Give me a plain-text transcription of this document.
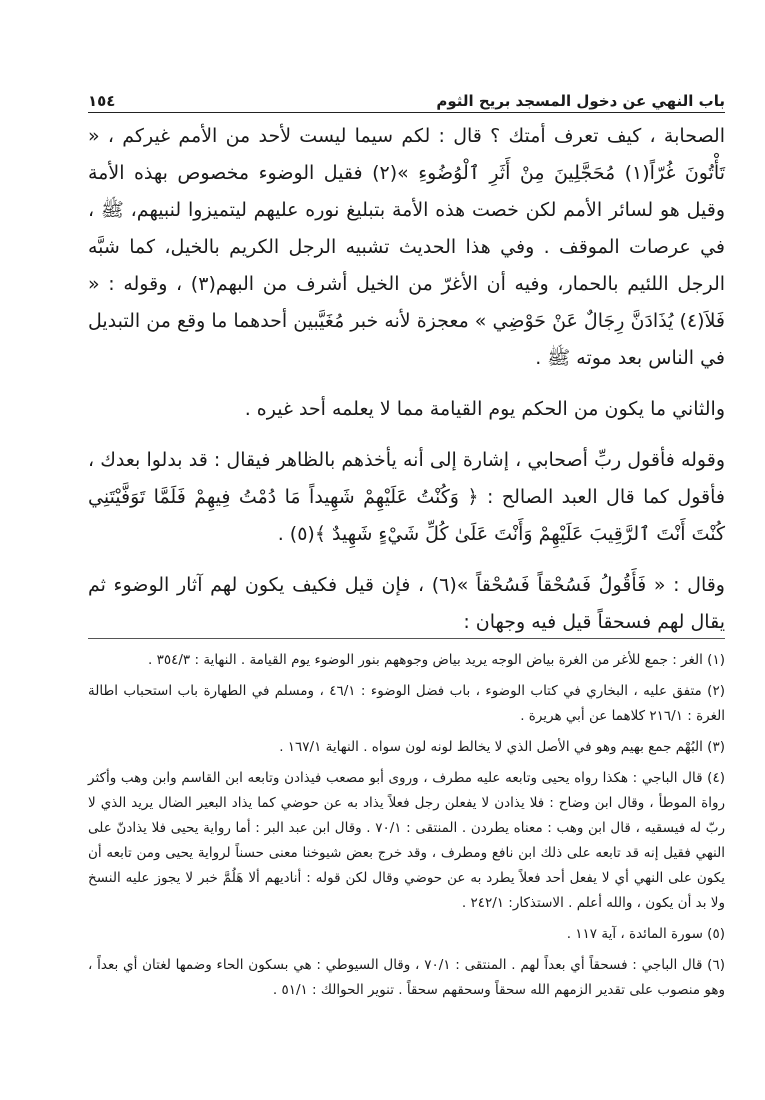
باب النهي عن دخول المسجد بريح الثوم
١٥٤

الصحابة ، كيف تعرف أمتك ؟ قال : لكم سيما ليست لأحد من الأمم غيركم ، « تَأْتُونَ غُرّاً(١) مُحَجَّلِينَ مِنْ أَثَرِ ٱلْوُضُوءِ »(٢) فقيل الوضوء مخصوص بهذه الأمة وقيل هو لسائر الأمم لكن خصت هذه الأمة بتبليغ نوره عليهم ليتميزوا لنبيهم، ﷺ ، في عرصات الموقف . وفي هذا الحديث تشبيه الرجل الكريم بالخيل، كما شبَّه الرجل اللئيم بالحمار، وفيه أن الأغرّ من الخيل أشرف من البهم(٣) ، وقوله : « فَلاَ(٤) يُذَادَنَّ رِجَالٌ عَنْ حَوْضِي » معجزة لأنه خبر مُغَيَّبين أحدهما ما وقع من التبديل في الناس بعد موته ﷺ .

والثاني ما يكون من الحكم يوم القيامة مما لا يعلمه أحد غيره .

وقوله فأقول ربِّ أصحابي ، إشارة إلى أنه يأخذهم بالظاهر فيقال : قد بدلوا بعدك ، فأقول كما قال العبد الصالح : ﴿ وَكُنْتُ عَلَيْهِمْ شَهِيداً مَا دُمْتُ فِيهِمْ فَلَمَّا تَوَفَّيْتَنِي كُنْتَ أَنْتَ ٱلرَّقِيبَ عَلَيْهِمْ وَأَنْتَ عَلَىٰ كُلِّ شَيْءٍ شَهِيدٌ ﴾(٥) .

وقال : « فَأَقُولُ فَسُحْقاً فَسُحْقاً »(٦) ، فإن قيل فكيف يكون لهم آثار الوضوء ثم يقال لهم فسحقاً قيل فيه وجهان :

(١) الغر : جمع للأغر من الغرة بياض الوجه يريد بياض وجوههم بنور الوضوء يوم القيامة . النهاية : ٣٥٤/٣ .

(٢) متفق عليه ، البخاري في كتاب الوضوء ، باب فضل الوضوء : ٤٦/١ ، ومسلم في الطهارة باب استحباب اطالة الغرة : ٢١٦/١ كلاهما عن أبي هريرة .

(٣) البُهْم جمع بهيم وهو في الأصل الذي لا يخالط لونه لون سواه . النهاية ١٦٧/١ .

(٤) قال الباجي : هكذا رواه يحيى وتابعه عليه مطرف ، وروى أبو مصعب فيذادن وتابعه ابن القاسم وابن وهب وأكثر رواة الموطأ ، وقال ابن وضاح : فلا يذادن لا يفعلن رجل فعلاً يذاد به عن حوضي كما يذاد البعير الضال يريد الذي لا ربّ له فيسقيه ، قال ابن وهب : معناه يطردن . المنتقى : ٧٠/١ . وقال ابن عبد البر : أما رواية يحيى فلا يذادنّ على النهي فقيل إنه قد تابعه على ذلك ابن نافع ومطرف ، وقد خرج بعض شيوخنا معنى حسناً لرواية يحيى ومن تابعه أن يكون على النهي أي لا يفعل أحد فعلاً يطرد به عن حوضي وقال لكن قوله : أناديهم ألا هَلُمَّ خبر لا يجوز عليه النسخ ولا بد أن يكون ، والله أعلم . الاستذكار: ٢٤٢/١ .

(٥) سورة المائدة ، آية ١١٧ .

(٦) قال الباجي : فسحقاً أي بعداً لهم . المنتقى : ٧٠/١ ، وقال السيوطي : هي بسكون الحاء وضمها لغتان أي بعداً ، وهو منصوب على تقدير الزمهم الله سحقاً وسحقهم سحقاً . تنوير الحوالك : ٥١/١ .
